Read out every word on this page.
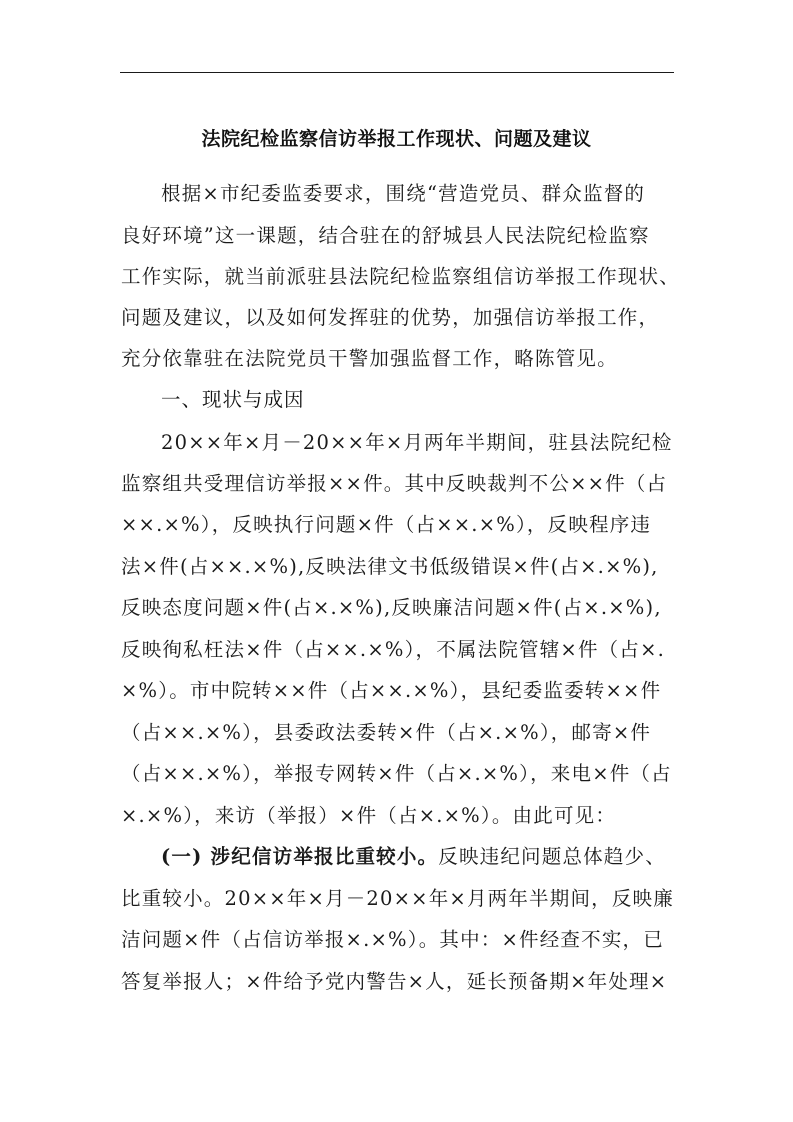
法院纪检监察信访举报工作现状、问题及建议
根据×市纪委监委要求，围绕“营造党员、群众监督的
良好环境”这一课题，结合驻在的舒城县人民法院纪检监察
工作实际，就当前派驻县法院纪检监察组信访举报工作现状、
问题及建议，以及如何发挥驻的优势，加强信访举报工作，
充分依靠驻在法院党员干警加强监督工作，略陈管见。
一、现状与成因
20××年×月－20××年×月两年半期间，驻县法院纪检
监察组共受理信访举报××件。其中反映裁判不公××件（占
××.×%），反映执行问题×件（占××.×%），反映程序违
法×件(占××.×%),反映法律文书低级错误×件(占×.×%),
反映态度问题×件(占×.×%),反映廉洁问题×件(占×.×%),
反映徇私枉法×件（占××.×%），不属法院管辖×件（占×.
×%）。市中院转××件（占××.×%），县纪委监委转××件
（占××.×%），县委政法委转×件（占×.×%），邮寄×件
（占××.×%），举报专网转×件（占×.×%），来电×件（占
×.×%），来访（举报）×件（占×.×%）。由此可见：
(一) 涉纪信访举报比重较小。反映违纪问题总体趋少、
比重较小。20××年×月－20××年×月两年半期间，反映廉
洁问题×件（占信访举报×.×%）。其中：×件经查不实，已
答复举报人；×件给予党内警告×人，延长预备期×年处理×
